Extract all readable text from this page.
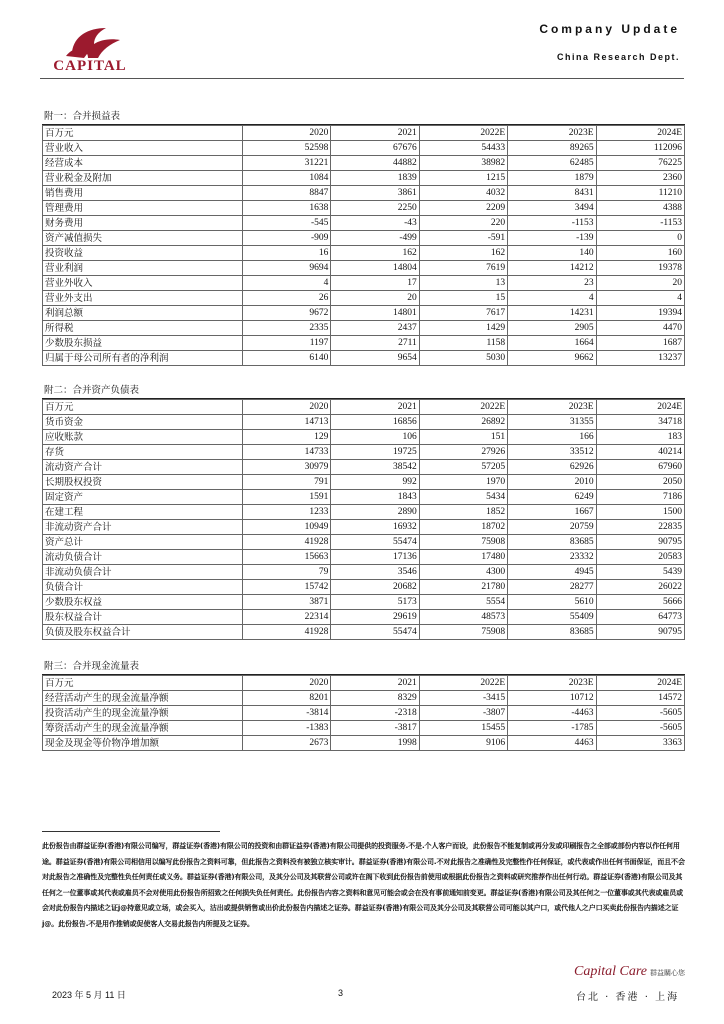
CAPITAL
Company Update
China Research Dept.
附一：合并损益表
百万元	2020	2021	2022E	2023E	2024E
营业收入	52598	67676	54433	89265	112096
经营成本	31221	44882	38982	62485	76225
营业税金及附加	1084	1839	1215	1879	2360
销售费用	8847	3861	4032	8431	11210
管理费用	1638	2250	2209	3494	4388
财务费用	-545	-43	220	-1153	-1153
资产减值损失	-909	-499	-591	-139	0
投资收益	16	162	162	140	160
营业利润	9694	14804	7619	14212	19378
营业外收入	4	17	13	23	20
营业外支出	26	20	15	4	4
利润总额	9672	14801	7617	14231	19394
所得税	2335	2437	1429	2905	4470
少数股东损益	1197	2711	1158	1664	1687
归属于母公司所有者的净利润	6140	9654	5030	9662	13237
附二：合并资产负债表
百万元	2020	2021	2022E	2023E	2024E
货币资金	14713	16856	26892	31355	34718
应收账款	129	106	151	166	183
存货	14733	19725	27926	33512	40214
流动资产合计	30979	38542	57205	62926	67960
长期股权投资	791	992	1970	2010	2050
固定资产	1591	1843	5434	6249	7186
在建工程	1233	2890	1852	1667	1500
非流动资产合计	10949	16932	18702	20759	22835
资产总计	41928	55474	75908	83685	90795
流动负债合计	15663	17136	17480	23332	20583
非流动负债合计	79	3546	4300	4945	5439
负债合计	15742	20682	21780	28277	26022
少数股东权益	3871	5173	5554	5610	5666
股东权益合计	22314	29619	48573	55409	64773
负债及股东权益合计	41928	55474	75908	83685	90795
附三：合并现金流量表
百万元	2020	2021	2022E	2023E	2024E
经营活动产生的现金流量净额	8201	8329	-3415	10712	14572
投资活动产生的现金流量净额	-3814	-2318	-3807	-4463	-5605
筹资活动产生的现金流量净额	-1383	-3817	15455	-1785	-5605
现金及现金等价物净增加额	2673	1998	9106	4463	3363
此份报告由群益证券(香港)有限公司编写，群益证券(香港)有限公司的投资和由群证益券(香港)有限公司提供的投资服务.不是.个人客户而设，此份报告不能复制或再分发或印刷报告之全部或部份内容以作任何用途。群益证券(香港)有限公司相信用以编写此份报告之资料可靠，但此报告之资料没有被独立核实审计。群益证券(香港)有限公司.不对此报告之准确性及完整性作任何保证，或代表或作出任何书面保证，而且不会对此报告之准确性及完整性负任何责任或义务。群益证券(香港)有限公司，及其分公司及其联营公司或许在阁下收到此份报告前使用或根据此份报告之资料或研究推荐作出任何行动。群益证券(香港)有限公司及其任何之一位董事或其代表或雇员不会对使用此份报告所招致之任何损失负任何责任。此份报告内容之资料和意见可能会或会在没有事前通知前变更。群益证券(香港)有限公司及其任何之一位董事或其代表或雇员或会对此份报告内描述之证j@持意见或立场，或会买入，沽出或提供销售或出价此份报告内描述之证券。群益证券(香港)有限公司及其分公司及其联营公司可能以其户口，或代他人之户口买卖此份报告内描述之证j@。此份报告.不是用作推销或促使客人交易此报告内所提及之证券。
2023 年 5 月 11 日	3
Capital Care 群益關心您
台北 · 香港 · 上海
